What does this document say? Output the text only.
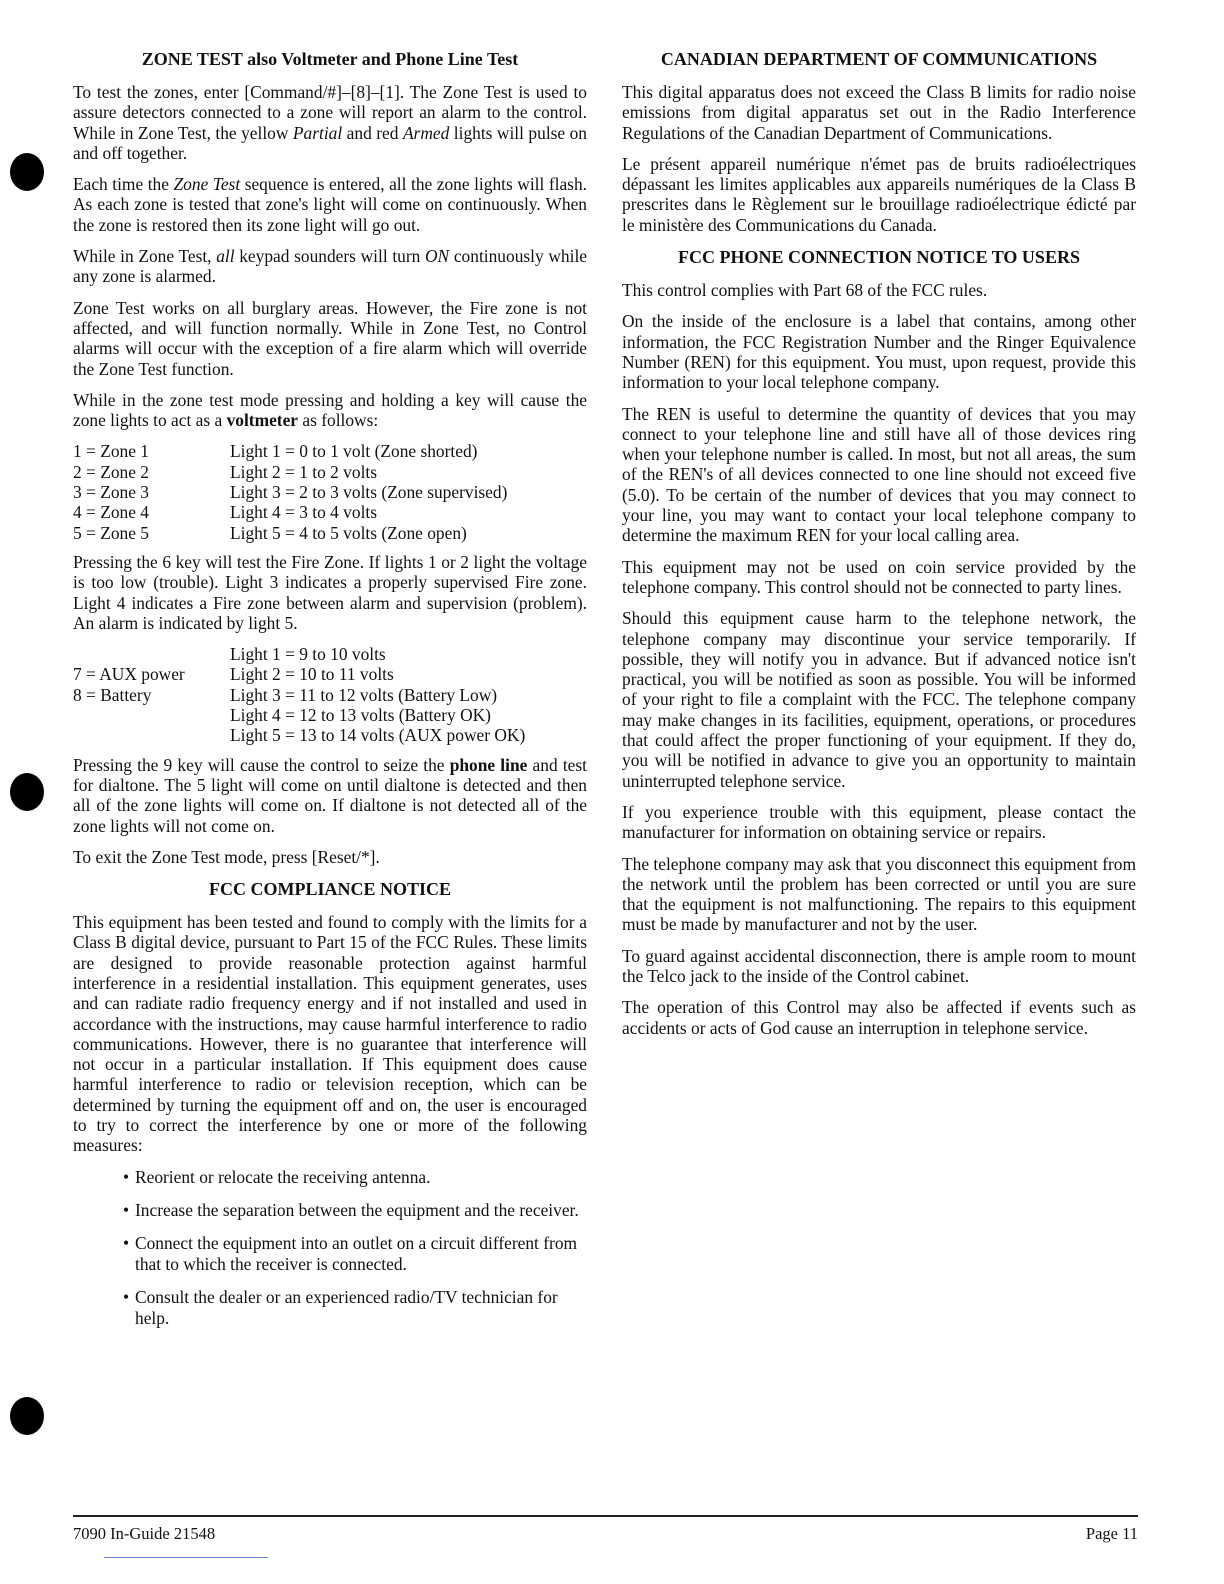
ZONE TEST also Voltmeter and Phone Line Test

To test the zones, enter [Command/#]–[8]–[1]. The Zone Test is used to assure detectors connected to a zone will report an alarm to the control. While in Zone Test, the yellow Partial and red Armed lights will pulse on and off together.

Each time the Zone Test sequence is entered, all the zone lights will flash. As each zone is tested that zone's light will come on continuously. When the zone is restored then its zone light will go out.

While in Zone Test, all keypad sounders will turn ON continuously while any zone is alarmed.

Zone Test works on all burglary areas. However, the Fire zone is not affected, and will function normally. While in Zone Test, no Control alarms will occur with the exception of a fire alarm which will override the Zone Test function.

While in the zone test mode pressing and holding a key will cause the zone lights to act as a voltmeter as follows:

1 = Zone 1	Light 1 = 0 to 1 volt (Zone shorted)
2 = Zone 2	Light 2 = 1 to 2 volts
3 = Zone 3	Light 3 = 2 to 3 volts (Zone supervised)
4 = Zone 4	Light 4 = 3 to 4 volts
5 = Zone 5	Light 5 = 4 to 5 volts (Zone open)

Pressing the 6 key will test the Fire Zone. If lights 1 or 2 light the voltage is too low (trouble). Light 3 indicates a properly supervised Fire zone. Light 4 indicates a Fire zone between alarm and supervision (problem). An alarm is indicated by light 5.

Light 1 = 9 to 10 volts
7 = AUX power	Light 2 = 10 to 11 volts
8 = Battery	Light 3 = 11 to 12 volts (Battery Low)
Light 4 = 12 to 13 volts (Battery OK)
Light 5 = 13 to 14 volts (AUX power OK)

Pressing the 9 key will cause the control to seize the phone line and test for dialtone. The 5 light will come on until dialtone is detected and then all of the zone lights will come on. If dialtone is not detected all of the zone lights will not come on.

To exit the Zone Test mode, press [Reset/*].

FCC COMPLIANCE NOTICE

This equipment has been tested and found to comply with the limits for a Class B digital device, pursuant to Part 15 of the FCC Rules. These limits are designed to provide reasonable protection against harmful interference in a residential installation. This equipment generates, uses and can radiate radio frequency energy and if not installed and used in accordance with the instructions, may cause harmful interference to radio communications. However, there is no guarantee that interference will not occur in a particular installation. If This equipment does cause harmful interference to radio or television reception, which can be determined by turning the equipment off and on, the user is encouraged to try to correct the interference by one or more of the following measures:

• Reorient or relocate the receiving antenna.
• Increase the separation between the equipment and the receiver.
• Connect the equipment into an outlet on a circuit different from that to which the receiver is connected.
• Consult the dealer or an experienced radio/TV technician for help.
CANADIAN DEPARTMENT OF COMMUNICATIONS

This digital apparatus does not exceed the Class B limits for radio noise emissions from digital apparatus set out in the Radio Interference Regulations of the Canadian Department of Communications.

Le présent appareil numérique n'émet pas de bruits radioélectriques dépassant les limites applicables aux appareils numériques de la Class B prescrites dans le Règlement sur le brouillage radioélectrique édicté par le ministère des Communications du Canada.

FCC PHONE CONNECTION NOTICE TO USERS

This control complies with Part 68 of the FCC rules.

On the inside of the enclosure is a label that contains, among other information, the FCC Registration Number and the Ringer Equivalence Number (REN) for this equipment. You must, upon request, provide this information to your local telephone company.

The REN is useful to determine the quantity of devices that you may connect to your telephone line and still have all of those devices ring when your telephone number is called. In most, but not all areas, the sum of the REN's of all devices connected to one line should not exceed five (5.0). To be certain of the number of devices that you may connect to your line, you may want to contact your local telephone company to determine the maximum REN for your local calling area.

This equipment may not be used on coin service provided by the telephone company. This control should not be connected to party lines.

Should this equipment cause harm to the telephone network, the telephone company may discontinue your service temporarily. If possible, they will notify you in advance. But if advanced notice isn't practical, you will be notified as soon as possible. You will be informed of your right to file a complaint with the FCC. The telephone company may make changes in its facilities, equipment, operations, or procedures that could affect the proper functioning of your equipment. If they do, you will be notified in advance to give you an opportunity to maintain uninterrupted telephone service.

If you experience trouble with this equipment, please contact the manufacturer for information on obtaining service or repairs.

The telephone company may ask that you disconnect this equipment from the network until the problem has been corrected or until you are sure that the equipment is not malfunctioning. The repairs to this equipment must be made by manufacturer and not by the user.

To guard against accidental disconnection, there is ample room to mount the Telco jack to the inside of the Control cabinet.

The operation of this Control may also be affected if events such as accidents or acts of God cause an interruption in telephone service.

7090 In-Guide 21548	Page 11
